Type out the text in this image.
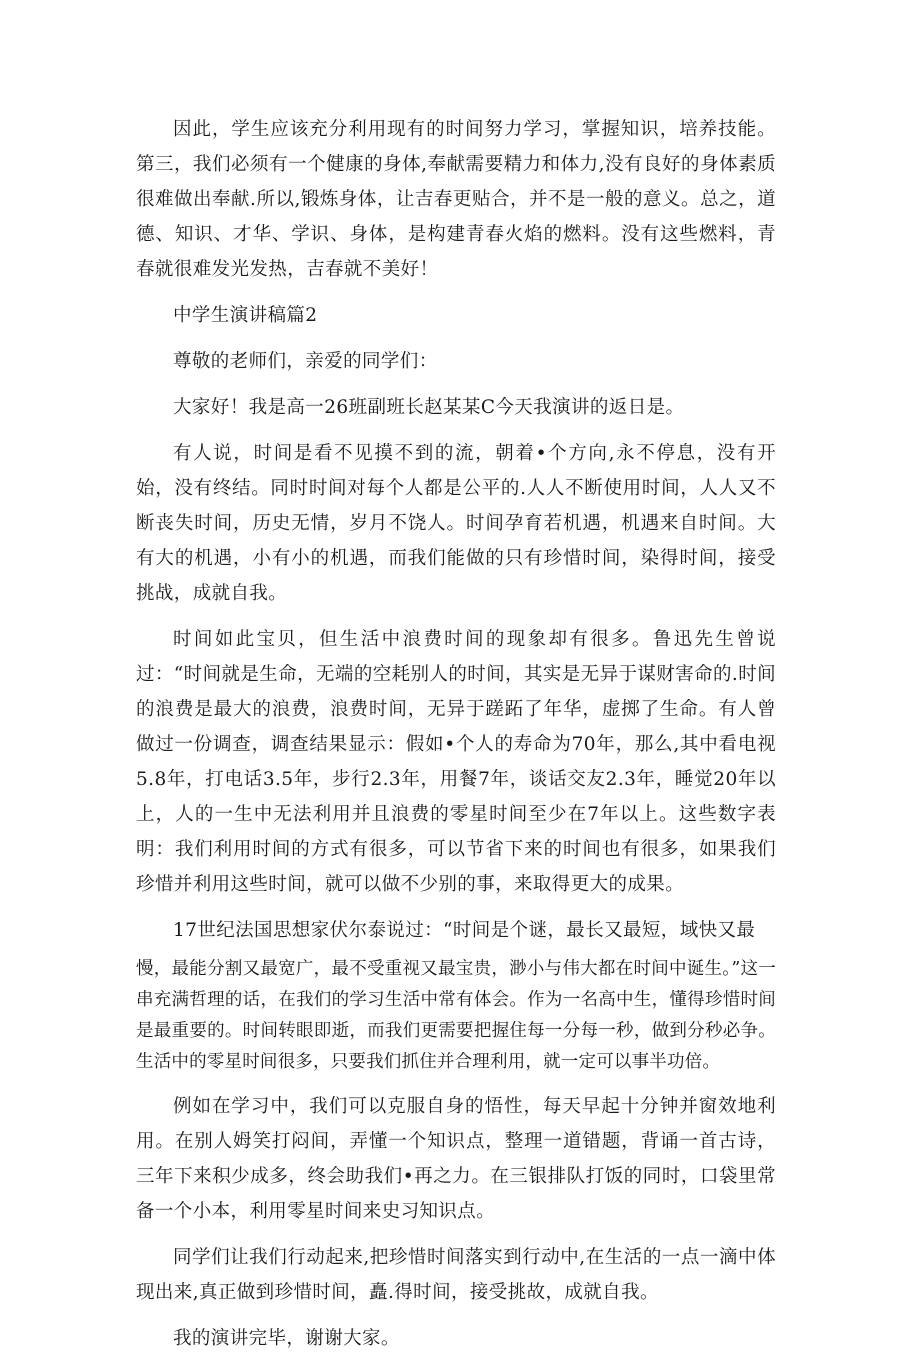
因此，学生应该充分利用现有的时间努力学习，掌握知识，培养技能。第三，我们必须有一个健康的身体,奉献需要精力和体力,没有良好的身体素质很难做出奉献.所以,锻炼身体，让吉春更贴合，并不是一般的意义。总之，道德、知识、才华、学识、身体，是构建青春火焰的燃料。没有这些燃料，青春就很难发光发热，吉春就不美好！

中学生演讲稿篇2

尊敬的老师们，亲爱的同学们：

大家好！我是高一26班副班长赵某某C今天我演讲的返日是。

有人说，时间是看不见摸不到的流，朝着•个方向,永不停息，没有开始，没有终结。同时时间对每个人都是公平的.人人不断使用时间，人人又不断丧失时间，历史无情，岁月不饶人。时间孕育若机遇，机遇来自时间。大有大的机遇，小有小的机遇，而我们能做的只有珍惜时间，染得时间，接受挑战，成就自我。

时间如此宝贝，但生活中浪费时间的现象却有很多。鲁迅先生曾说过：“时间就是生命，无端的空耗别人的时间，其实是无异于谋财害命的.时间的浪费是最大的浪费，浪费时间，无异于蹉跖了年华，虚掷了生命。有人曾做过一份调查，调查结果显示：假如•个人的寿命为70年，那么,其中看电视5.8年，打电话3.5年，步行2.3年，用餐7年，谈话交友2.3年，睡觉20年以上，人的一生中无法利用并且浪费的零星时间至少在7年以上。这些数字表明：我们利用时间的方式有很多，可以节省下来的时间也有很多，如果我们珍惜并利用这些时间，就可以做不少别的事，来取得更大的成果。

17世纪法国思想家伏尔泰说过：“时间是个谜，最长又最短，域快又最

慢，最能分割又最宽广，最不受重视又最宝贵，渺小与伟大都在时间中诞生。”这一串充满哲理的话，在我们的学习生活中常有体会。作为一名高中生，懂得珍惜时间是最重要的。时间转眼即逝，而我们更需要把握住每一分每一秒，做到分秒必争。生活中的零星时间很多，只要我们抓住并合理利用，就一定可以事半功倍。

例如在学习中，我们可以克服自身的悟性，每天早起十分钟并窗效地利用。在别人姆笑打闷间，弄懂一个知识点，整理一道错题，背诵一首古诗，三年下来积少成多，终会助我们•再之力。在三银排队打饭的同时，口袋里常备一个小本，利用零星时间来史习知识点。

同学们让我们行动起来,把珍惜时间落实到行动中,在生活的一点一滴中体现出来,真正做到珍惜时间，矗.得时间，接受挑故，成就自我。

我的演讲完毕，谢谢大家。
